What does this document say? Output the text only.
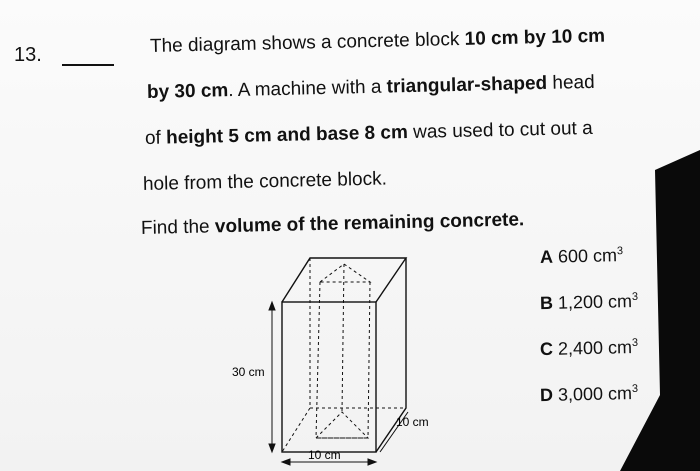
13.	The diagram shows a concrete block 10 cm by 10 cm
by 30 cm. A machine with a triangular-shaped head
of height 5 cm and base 8 cm was used to cut out a
hole from the concrete block.
Find the volume of the remaining concrete.
A 600 $cm^3$
B 1,200 $cm^3$
C 2,400 $cm^3$
D 3,000 $cm^3$
30 cm
10 cm
10 cm
